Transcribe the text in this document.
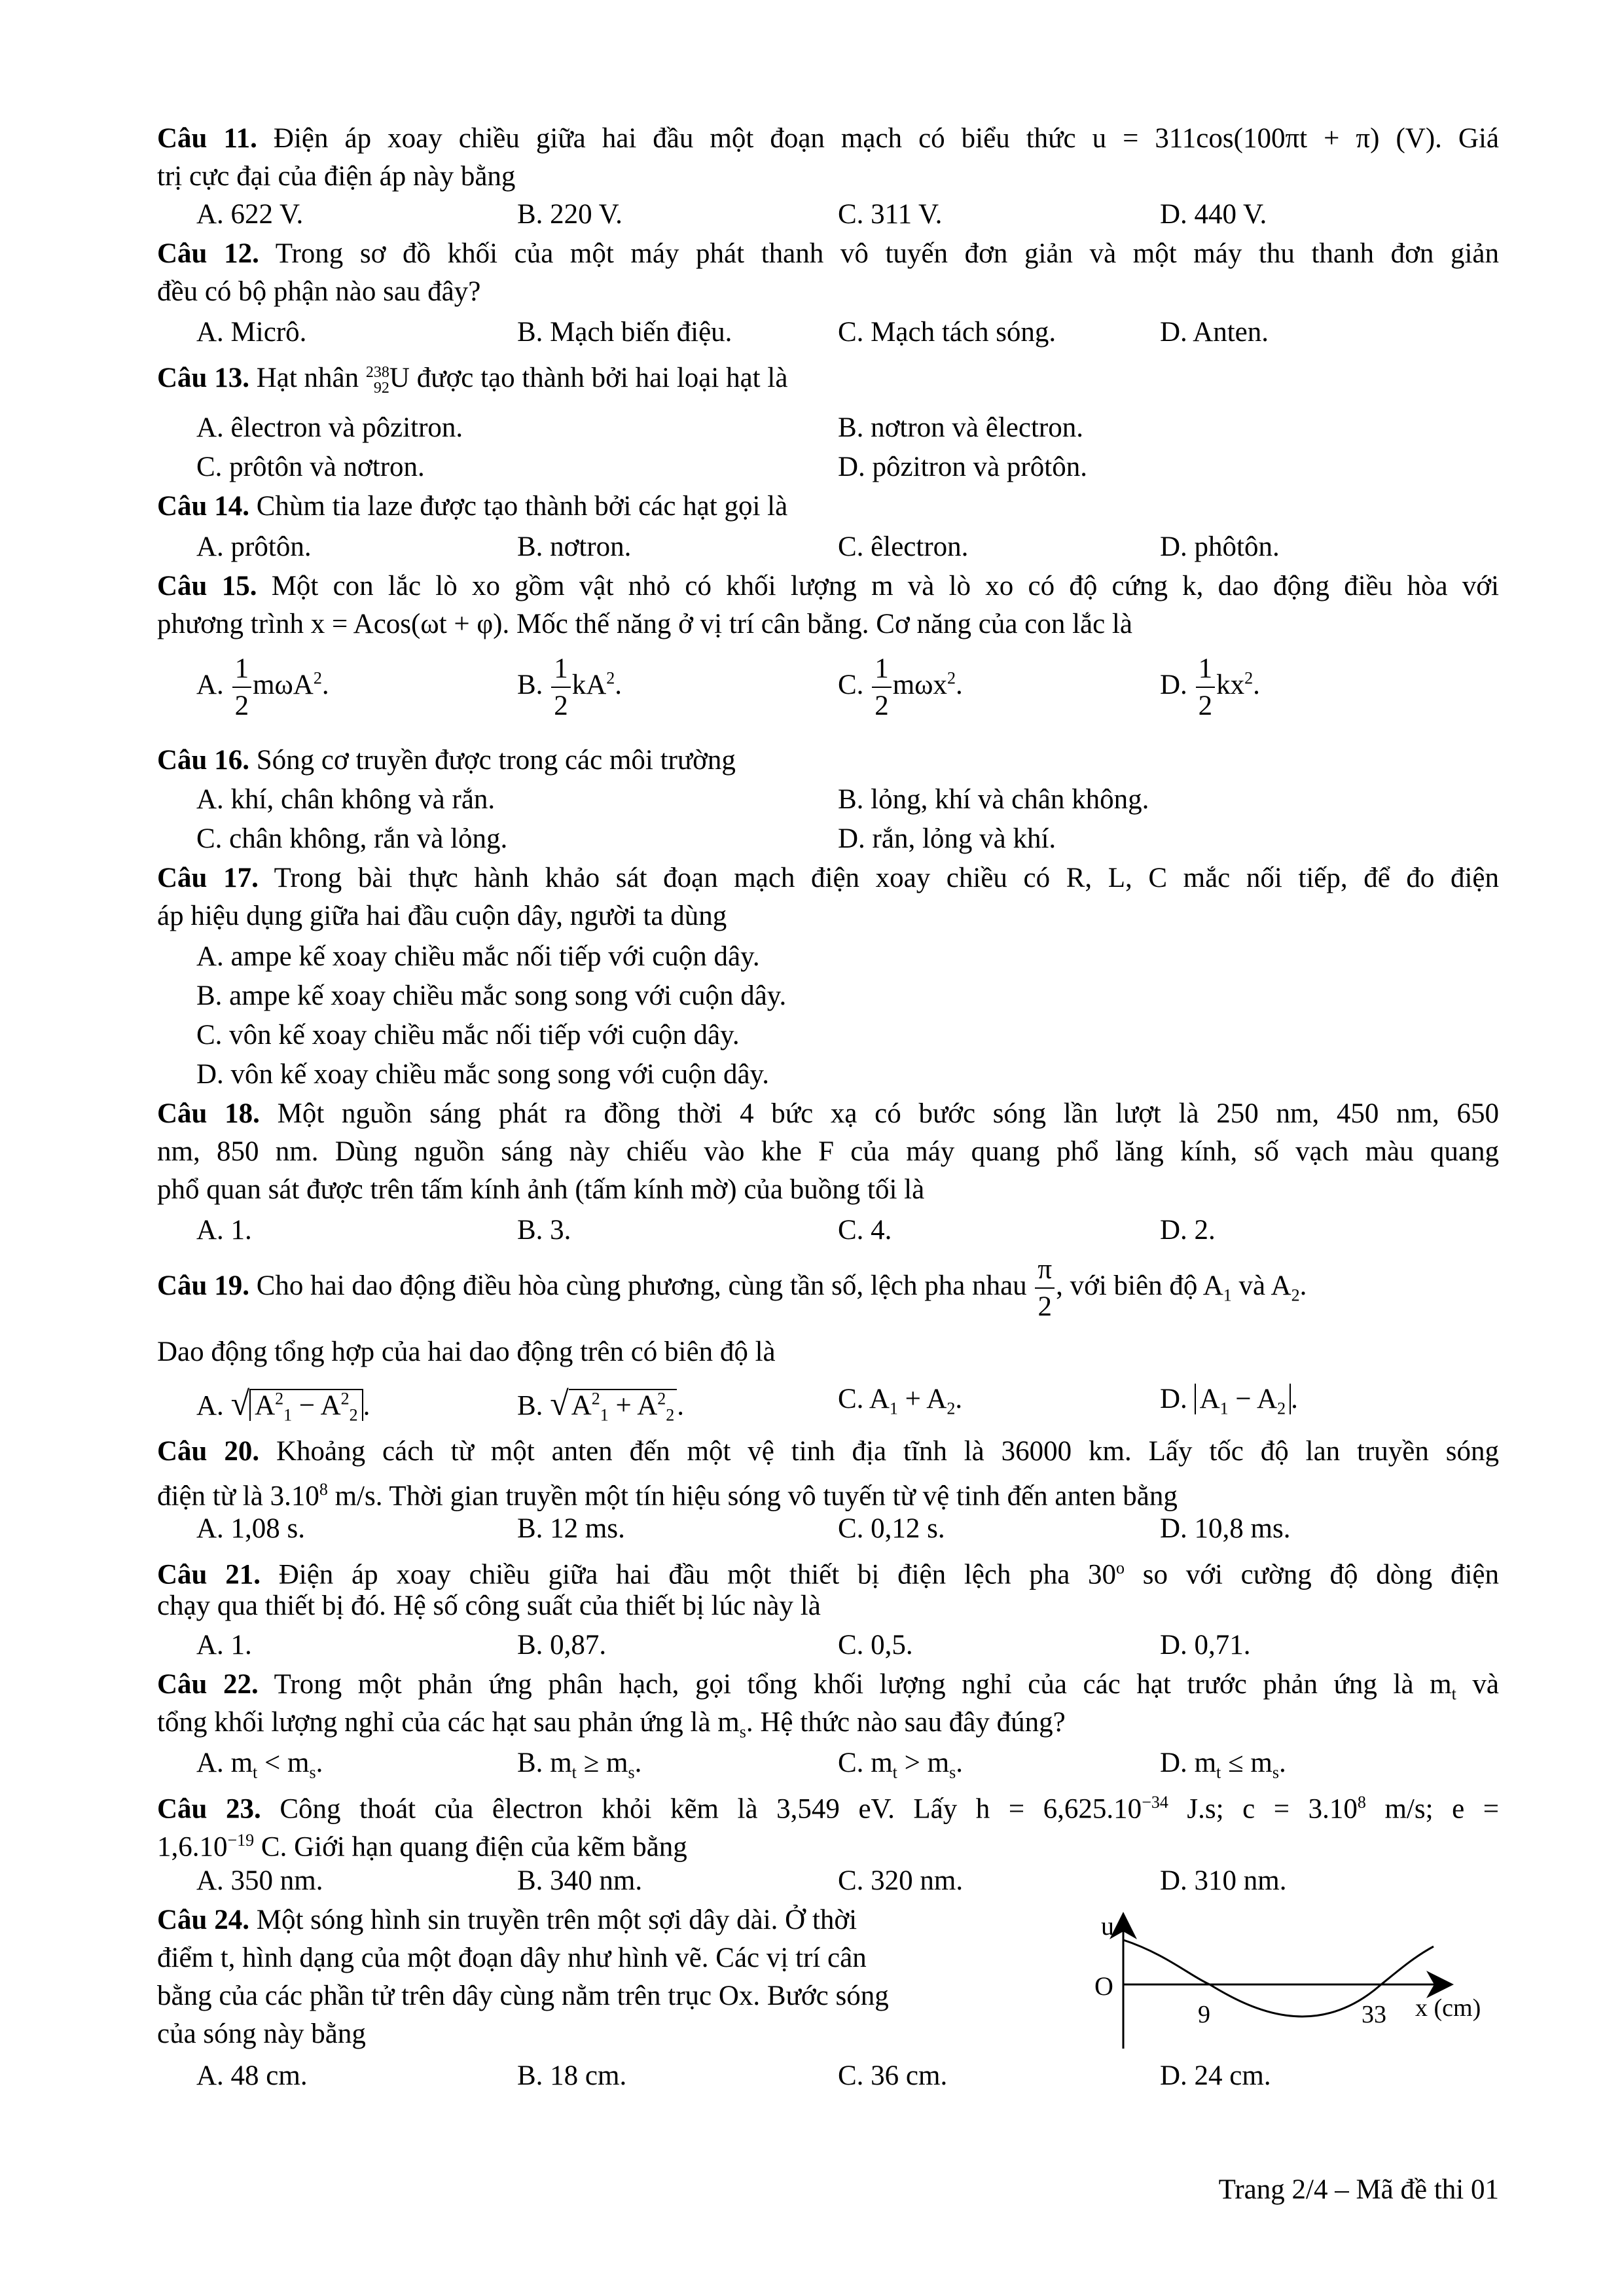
Câu 11. Điện áp xoay chiều giữa hai đầu một đoạn mạch có biểu thức u = 311cos(100πt + π) (V). Giá
trị cực đại của điện áp này bằng
A. 622 V.	B. 220 V.	C. 311 V.	D. 440 V.
Câu 12. Trong sơ đồ khối của một máy phát thanh vô tuyến đơn giản và một máy thu thanh đơn giản
đều có bộ phận nào sau đây?
A. Micrô.	B. Mạch biến điệu.	C. Mạch tách sóng.	D. Anten.
Câu 13. Hạt nhân 238
92 U được tạo thành bởi hai loại hạt là
A. êlectron và pôzitron.	B. nơtron và êlectron.
C. prôtôn và nơtron.	D. pôzitron và prôtôn.
Câu 14. Chùm tia laze được tạo thành bởi các hạt gọi là
A. prôtôn.	B. nơtron.	C. êlectron.	D. phôtôn.
Câu 15. Một con lắc lò xo gồm vật nhỏ có khối lượng m và lò xo có độ cứng k, dao động điều hòa với
phương trình x = Acos(ωt + φ). Mốc thế năng ở vị trí cân bằng. Cơ năng của con lắc là
A. $\frac{1}{2} m\omega A^2$.	B. $\frac{1}{2} kA^2$.	C. $\frac{1}{2} m\omega x^2$.	D. $\frac{1}{2} kx^2$.
Câu 16. Sóng cơ truyền được trong các môi trường
A. khí, chân không và rắn.	B. lỏng, khí và chân không.
C. chân không, rắn và lỏng.	D. rắn, lỏng và khí.
Câu 17. Trong bài thực hành khảo sát đoạn mạch điện xoay chiều có R, L, C mắc nối tiếp, để đo điện
áp hiệu dụng giữa hai đầu cuộn dây, người ta dùng
A. ampe kế xoay chiều mắc nối tiếp với cuộn dây.
B. ampe kế xoay chiều mắc song song với cuộn dây.
C. vôn kế xoay chiều mắc nối tiếp với cuộn dây.
D. vôn kế xoay chiều mắc song song với cuộn dây.
Câu 18. Một nguồn sáng phát ra đồng thời 4 bức xạ có bước sóng lần lượt là 250 nm, 450 nm, 650
nm, 850 nm. Dùng nguồn sáng này chiếu vào khe F của máy quang phổ lăng kính, số vạch màu quang
phổ quan sát được trên tấm kính ảnh (tấm kính mờ) của buồng tối là
A. 1.	B. 3.	C. 4.	D. 2.
Câu 19. Cho hai dao động điều hòa cùng phương, cùng tần số, lệch pha nhau $\frac{\pi}{2}$ , với biên độ $A_1$ và $A_2$.
Dao động tổng hợp của hai dao động trên có biên độ là
A. √ $A^2_1 - A^2_2$ .	B. $√A^2_1 + A^2_2$.	C. $A_1 + A_2$.	D. $A_1 - A_2$ .
Câu 20. Khoảng cách từ một anten đến một vệ tinh địa tĩnh là 36000 km. Lấy tốc độ lan truyền sóng
điện từ là 3.10$^8$ m/s. Thời gian truyền một tín hiệu sóng vô tuyến từ vệ tinh đến anten bằng
A. 1,08 s.	B. 12 ms.	C. 0,12 s.	D. 10,8 ms.
Câu 21. Điện áp xoay chiều giữa hai đầu một thiết bị điện lệch pha 30$^o$ so với cường độ dòng điện
chạy qua thiết bị đó. Hệ số công suất của thiết bị lúc này là
A. 1.	B. 0,87.	C. 0,5.	D. 0,71.
Câu 22. Trong một phản ứng phân hạch, gọi tổng khối lượng nghỉ của các hạt trước phản ứng là $m_t$ và
tổng khối lượng nghỉ của các hạt sau phản ứng là $m_s$. Hệ thức nào sau đây đúng?
A. $m_t < m_s$.	B. $m_t \ge m_s$.	C. $m_t > m_s$.	D. $m_t \le m_s$.
Câu 23. Công thoát của êlectron khỏi kẽm là 3,549 eV. Lấy $h = 6,625.10^{-34}$ J.s; $c = 3.10^8$ m/s; e =
$1,6.10^{-19}$ C. Giới hạn quang điện của kẽm bằng
A. 350 nm.	B. 340 nm.	C. 320 nm.	D. 310 nm.
Câu 24. Một sóng hình sin truyền trên một sợi dây dài. Ở thời
điểm t, hình dạng của một đoạn dây như hình vẽ. Các vị trí cân
bằng của các phần tử trên dây cùng nằm trên trục Ox. Bước sóng
của sóng này bằng
A. 48 cm.	B. 18 cm.	C. 36 cm.	D. 24 cm.
u
O
9	33 x (cm)
Trang 2/4 – Mã đề thi 01
